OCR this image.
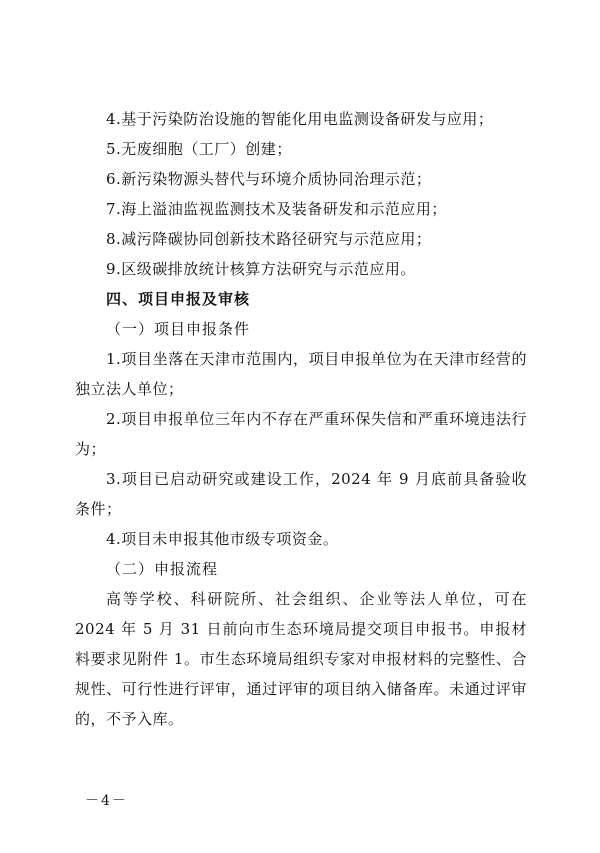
4.基于污染防治设施的智能化用电监测设备研发与应用；

5.无废细胞（工厂）创建；

6.新污染物源头替代与环境介质协同治理示范；

7.海上溢油监视监测技术及装备研发和示范应用；

8.减污降碳协同创新技术路径研究与示范应用；

9.区级碳排放统计核算方法研究与示范应用。

四、项目申报及审核

（一）项目申报条件

1.项目坐落在天津市范围内，项目申报单位为在天津市经营的独立法人单位；

2.项目申报单位三年内不存在严重环保失信和严重环境违法行为；

3.项目已启动研究或建设工作，2024 年 9 月底前具备验收条件；

4.项目未申报其他市级专项资金。

（二）申报流程

高等学校、科研院所、社会组织、企业等法人单位，可在 2024 年 5 月 31 日前向市生态环境局提交项目申报书。申报材料要求见附件 1。市生态环境局组织专家对申报材料的完整性、合规性、可行性进行评审，通过评审的项目纳入储备库。未通过评审的，不予入库。

－4－
